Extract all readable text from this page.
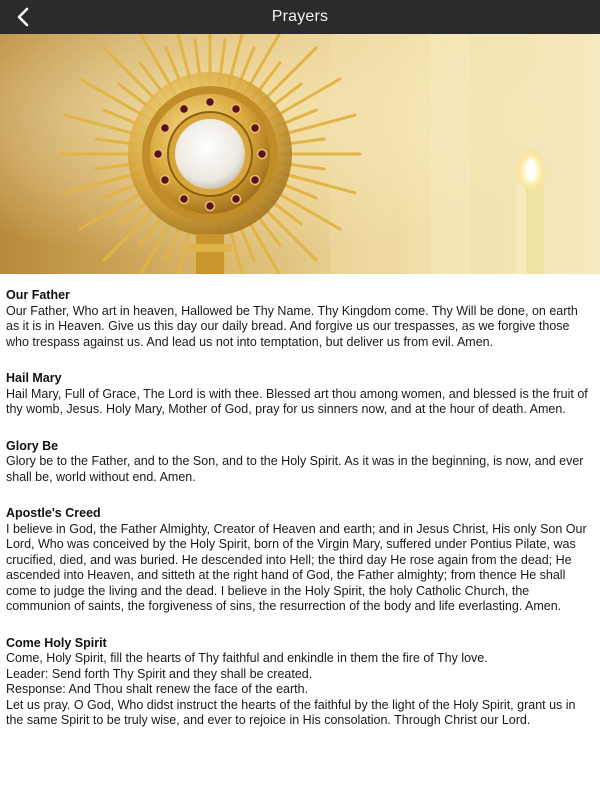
Prayers
Our Father

Our Father, Who art in heaven, Hallowed be Thy Name. Thy Kingdom come. Thy Will be done, on earth as it is in Heaven. Give us this day our daily bread. And forgive us our trespasses, as we forgive those who trespass against us. And lead us not into temptation, but deliver us from evil. Amen.

Hail Mary

Hail Mary, Full of Grace, The Lord is with thee. Blessed art thou among women, and blessed is the fruit of thy womb, Jesus. Holy Mary, Mother of God, pray for us sinners now, and at the hour of death. Amen.

Glory Be

Glory be to the Father, and to the Son, and to the Holy Spirit. As it was in the beginning, is now, and ever shall be, world without end. Amen.

Apostle's Creed

I believe in God, the Father Almighty, Creator of Heaven and earth; and in Jesus Christ, His only Son Our Lord, Who was conceived by the Holy Spirit, born of the Virgin Mary, suffered under Pontius Pilate, was crucified, died, and was buried. He descended into Hell; the third day He rose again from the dead; He ascended into Heaven, and sitteth at the right hand of God, the Father almighty; from thence He shall come to judge the living and the dead. I believe in the Holy Spirit, the holy Catholic Church, the communion of saints, the forgiveness of sins, the resurrection of the body and life everlasting. Amen.

Come Holy Spirit

Come, Holy Spirit, fill the hearts of Thy faithful and enkindle in them the fire of Thy love.

Leader: Send forth Thy Spirit and they shall be created.

Response: And Thou shalt renew the face of the earth.

Let us pray. O God, Who didst instruct the hearts of the faithful by the light of the Holy Spirit, grant us in the same Spirit to be truly wise, and ever to rejoice in His consolation. Through Christ our Lord.
